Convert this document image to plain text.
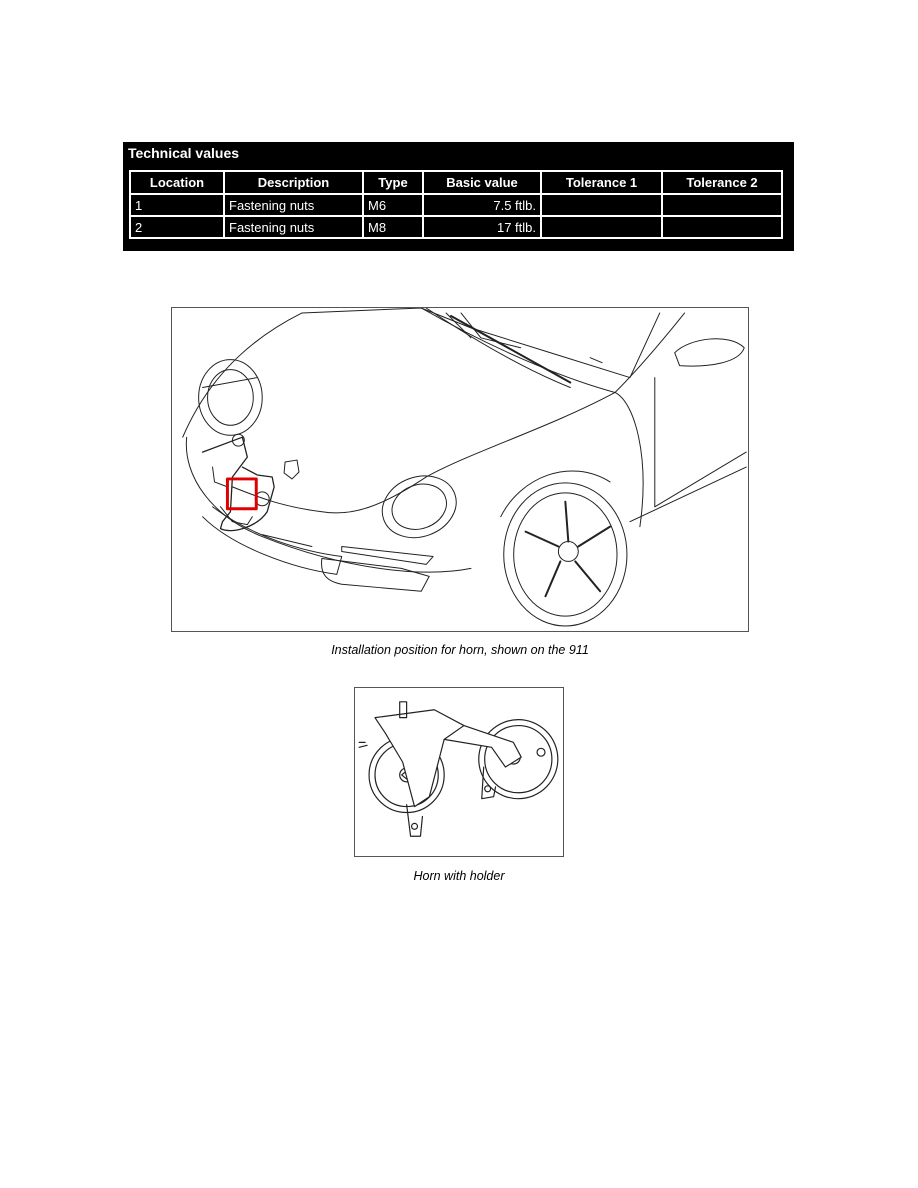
Technical values
Location	Description	Type	Basic value	Tolerance 1	Tolerance 2
1	Fastening nuts	M6	7.5 ftlb.		
2	Fastening nuts	M8	17 ftlb.		
Installation position for horn, shown on the 911
Horn with holder
